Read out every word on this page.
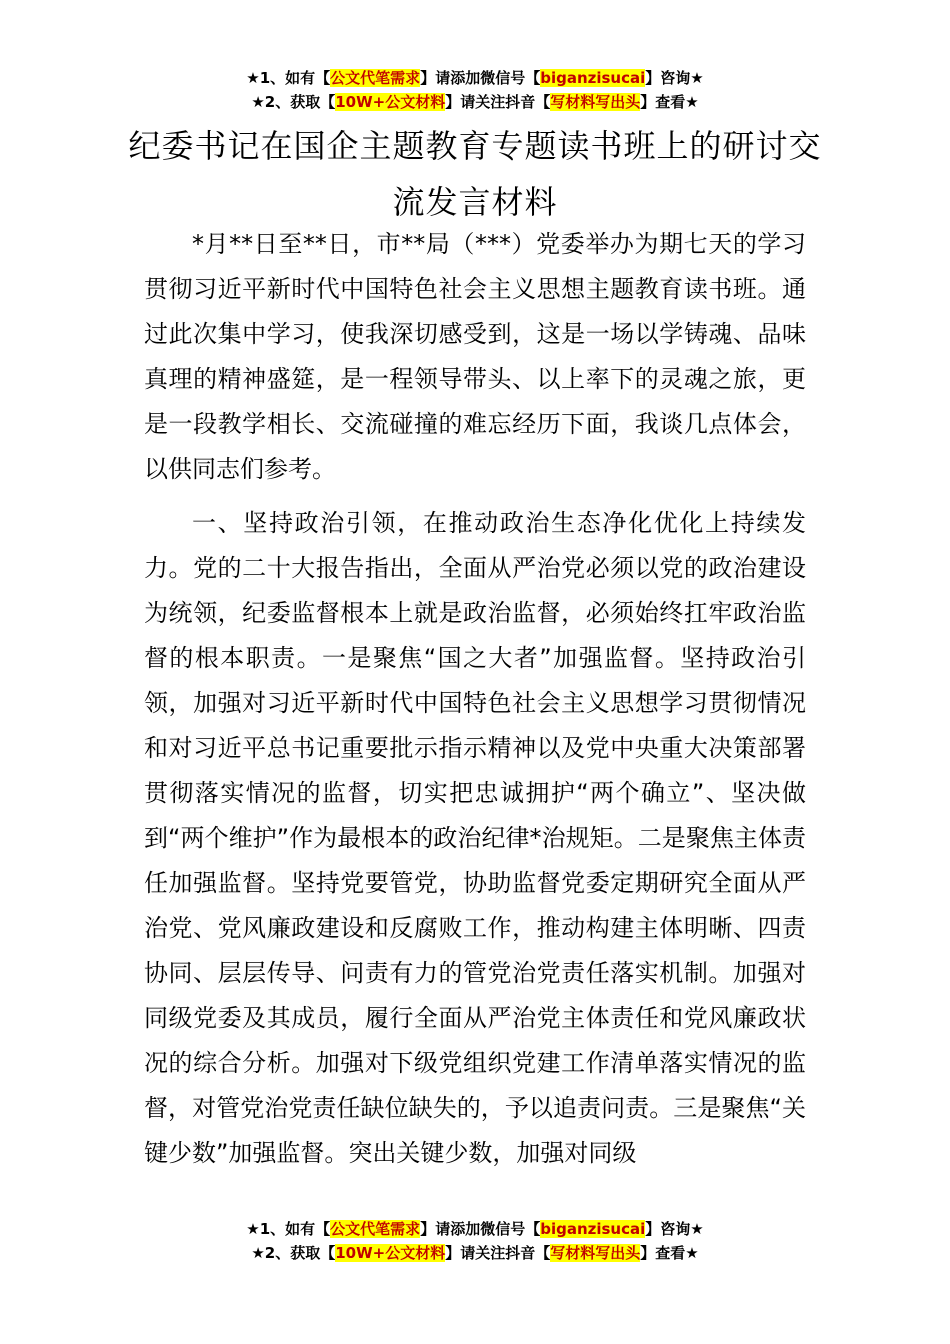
★1、如有【公文代笔需求】请添加微信号【biganzisucai】咨询★
★2、获取【10W+公文材料】请关注抖音【写材料写出头】查看★
纪委书记在国企主题教育专题读书班上的研讨交流发言材料

*月**日至**日，市**局（***）党委举办为期七天的学习贯彻习近平新时代中国特色社会主义思想主题教育读书班。通过此次集中学习，使我深切感受到，这是一场以学铸魂、品味真理的精神盛筵，是一程领导带头、以上率下的灵魂之旅，更是一段教学相长、交流碰撞的难忘经历下面，我谈几点体会，以供同志们参考。

一、坚持政治引领，在推动政治生态净化优化上持续发力。党的二十大报告指出，全面从严治党必须以党的政治建设为统领，纪委监督根本上就是政治监督，必须始终扛牢政治监督的根本职责。一是聚焦“国之大者”加强监督。坚持政治引领，加强对习近平新时代中国特色社会主义思想学习贯彻情况和对习近平总书记重要批示指示精神以及党中央重大决策部署贯彻落实情况的监督，切实把忠诚拥护“两个确立”、坚决做到“两个维护”作为最根本的政治纪律*治规矩。二是聚焦主体责任加强监督。坚持党要管党，协助监督党委定期研究全面从严治党、党风廉政建设和反腐败工作，推动构建主体明晰、四责协同、层层传导、问责有力的管党治党责任落实机制。加强对同级党委及其成员，履行全面从严治党主体责任和党风廉政状况的综合分析。加强对下级党组织党建工作清单落实情况的监督，对管党治党责任缺位缺失的，予以追责问责。三是聚焦“关键少数”加强监督。突出关键少数，加强对同级

★1、如有【公文代笔需求】请添加微信号【biganzisucai】咨询★
★2、获取【10W+公文材料】请关注抖音【写材料写出头】查看★
